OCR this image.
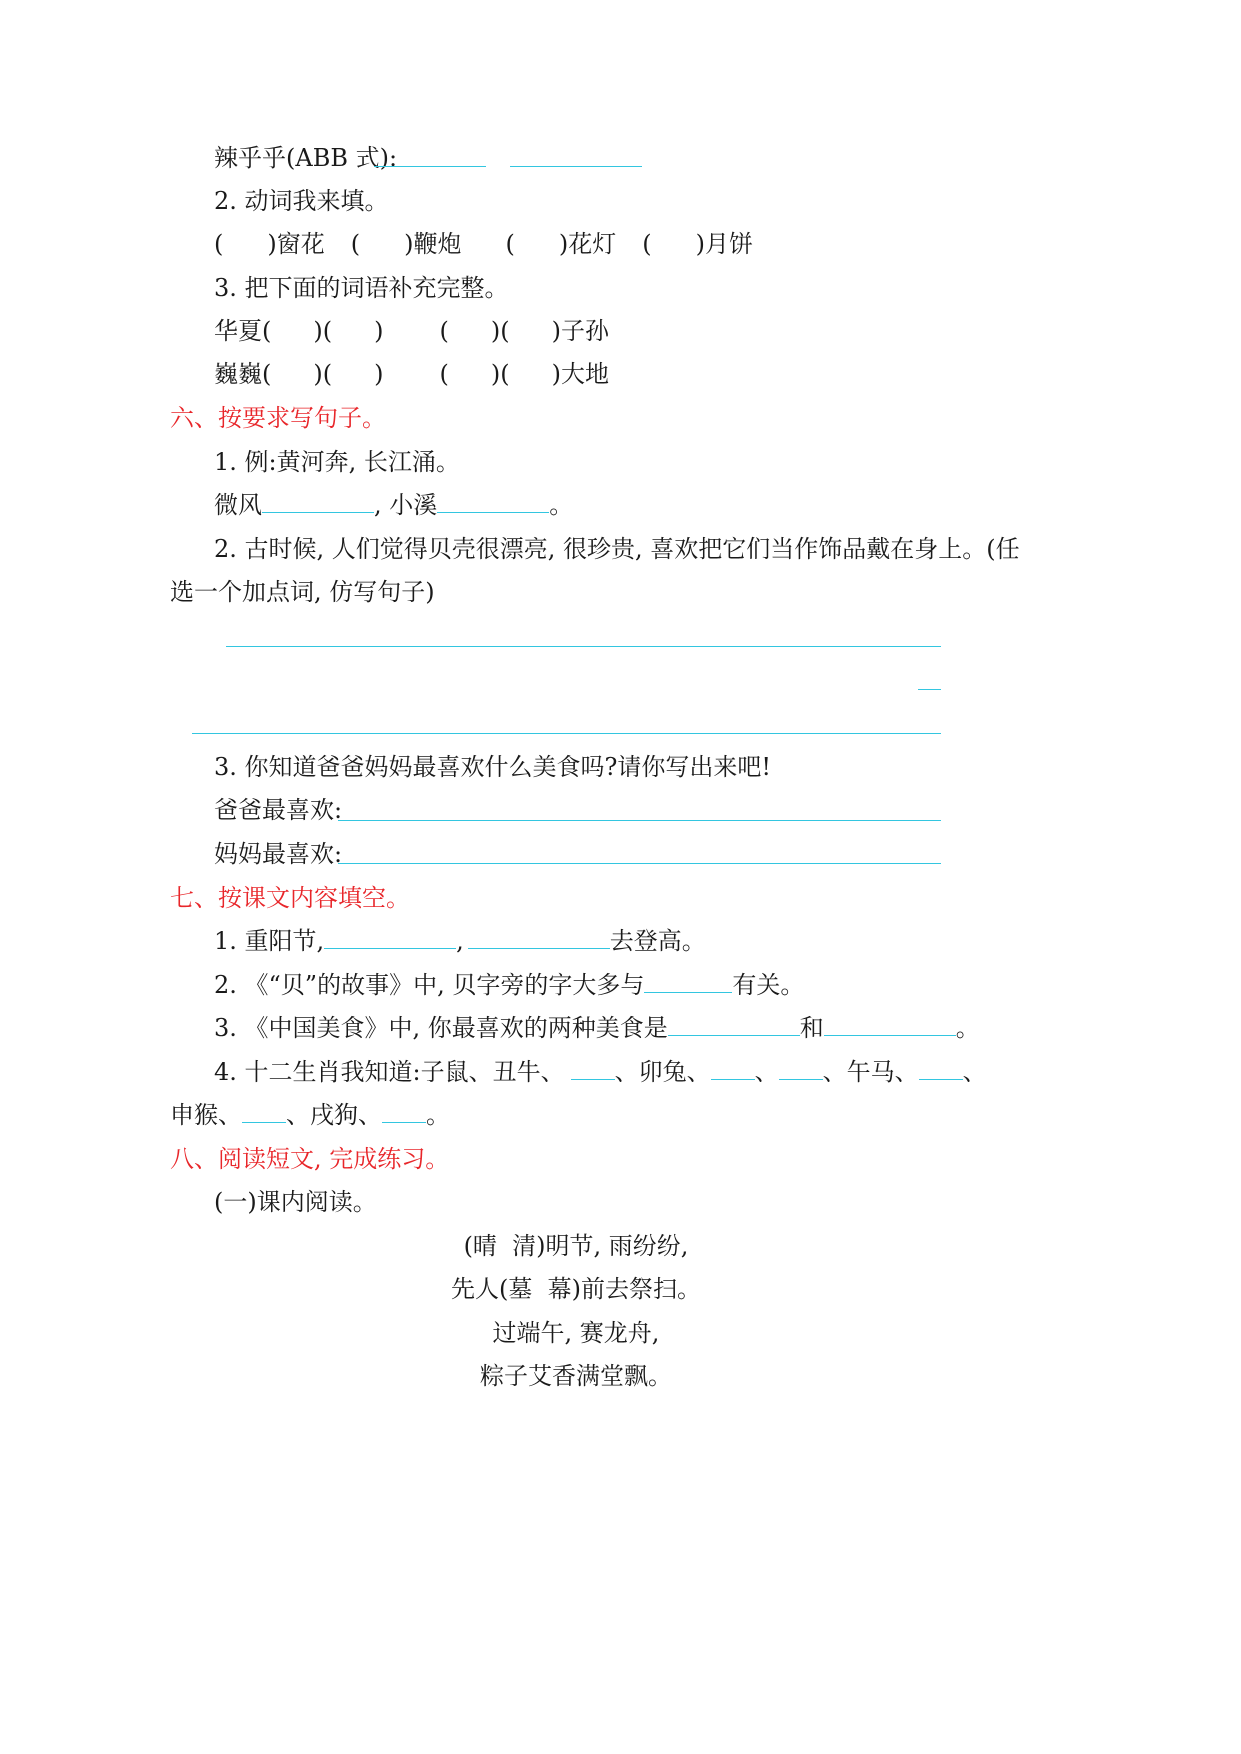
辣乎乎(ABB 式):
2. 动词我来填。
( )窗花 ( )鞭炮 ( )花灯 ( )月饼
3. 把下面的词语补充完整。
华夏( )( ) ( )( )子孙
巍巍( )( ) ( )( )大地
六、按要求写句子。
1. 例:黄河奔, 长江涌。
微风	, 小溪	。
2. 古时候, 人们觉得贝壳很漂亮, 很珍贵, 喜欢把它们当作饰品戴在身上。(任
选一个加点词, 仿写句子)
3. 你知道爸爸妈妈最喜欢什么美食吗?请你写出来吧!
爸爸最喜欢:
妈妈最喜欢:
七、按课文内容填空。
1. 重阳节,	,	去登高。
2. 《“贝”的故事》中, 贝字旁的字大多与	有关。
3. 《中国美食》中, 你最喜欢的两种美食是	和	。
4. 十二生肖我知道:子鼠、丑牛、 、卯兔、 、 、午马、 、
申猴、 、戌狗、 。
八、阅读短文, 完成练习。
(一)课内阅读。
(晴  清)明节, 雨纷纷,
先人(墓  幕)前去祭扫。
过端午, 赛龙舟,
粽子艾香满堂飘。
